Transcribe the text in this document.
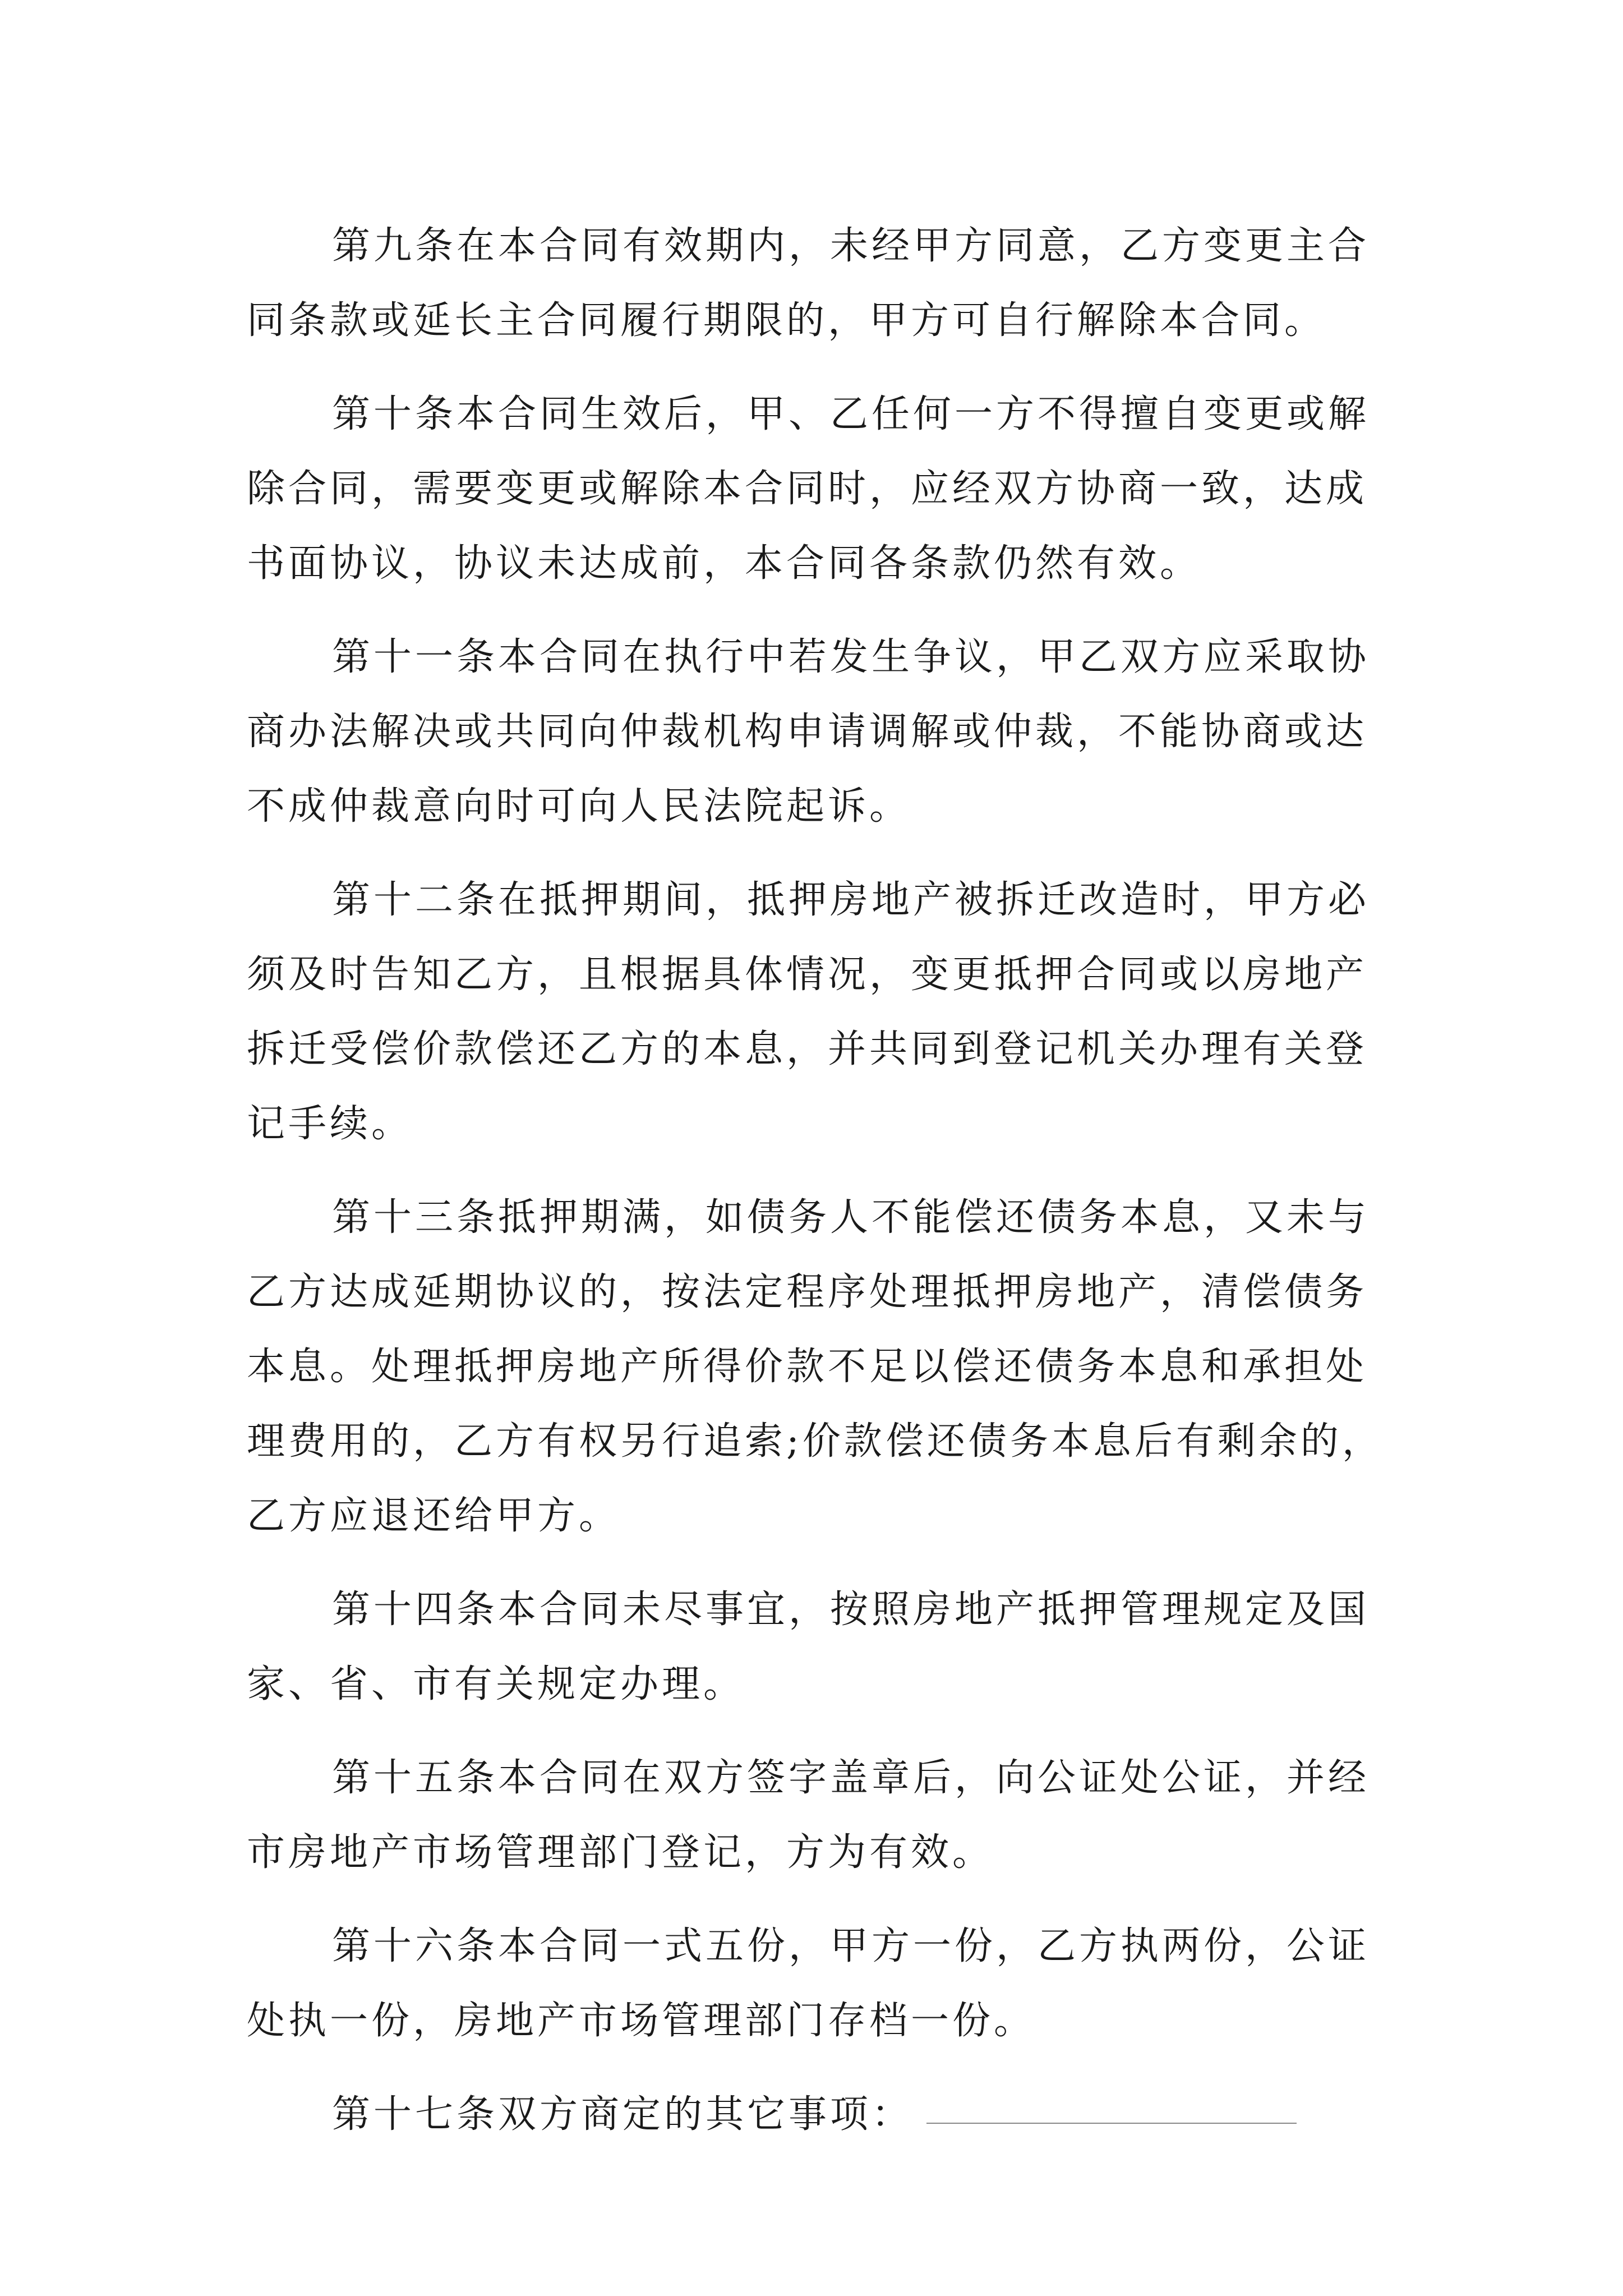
第九条在本合同有效期内，未经甲方同意，乙方变更主合同条款或延长主合同履行期限的，甲方可自行解除本合同。

第十条本合同生效后，甲、乙任何一方不得擅自变更或解除合同，需要变更或解除本合同时，应经双方协商一致，达成书面协议，协议未达成前，本合同各条款仍然有效。

第十一条本合同在执行中若发生争议，甲乙双方应采取协商办法解决或共同向仲裁机构申请调解或仲裁，不能协商或达不成仲裁意向时可向人民法院起诉。

第十二条在抵押期间，抵押房地产被拆迁改造时，甲方必须及时告知乙方，且根据具体情况，变更抵押合同或以房地产拆迁受偿价款偿还乙方的本息，并共同到登记机关办理有关登记手续。

第十三条抵押期满，如债务人不能偿还债务本息，又未与乙方达成延期协议的，按法定程序处理抵押房地产，清偿债务本息。处理抵押房地产所得价款不足以偿还债务本息和承担处理费用的，乙方有权另行追索;价款偿还债务本息后有剩余的，乙方应退还给甲方。

第十四条本合同未尽事宜，按照房地产抵押管理规定及国家、省、市有关规定办理。

第十五条本合同在双方签字盖章后，向公证处公证，并经市房地产市场管理部门登记，方为有效。

第十六条本合同一式五份，甲方一份，乙方执两份，公证处执一份，房地产市场管理部门存档一份。

第十七条双方商定的其它事项：
